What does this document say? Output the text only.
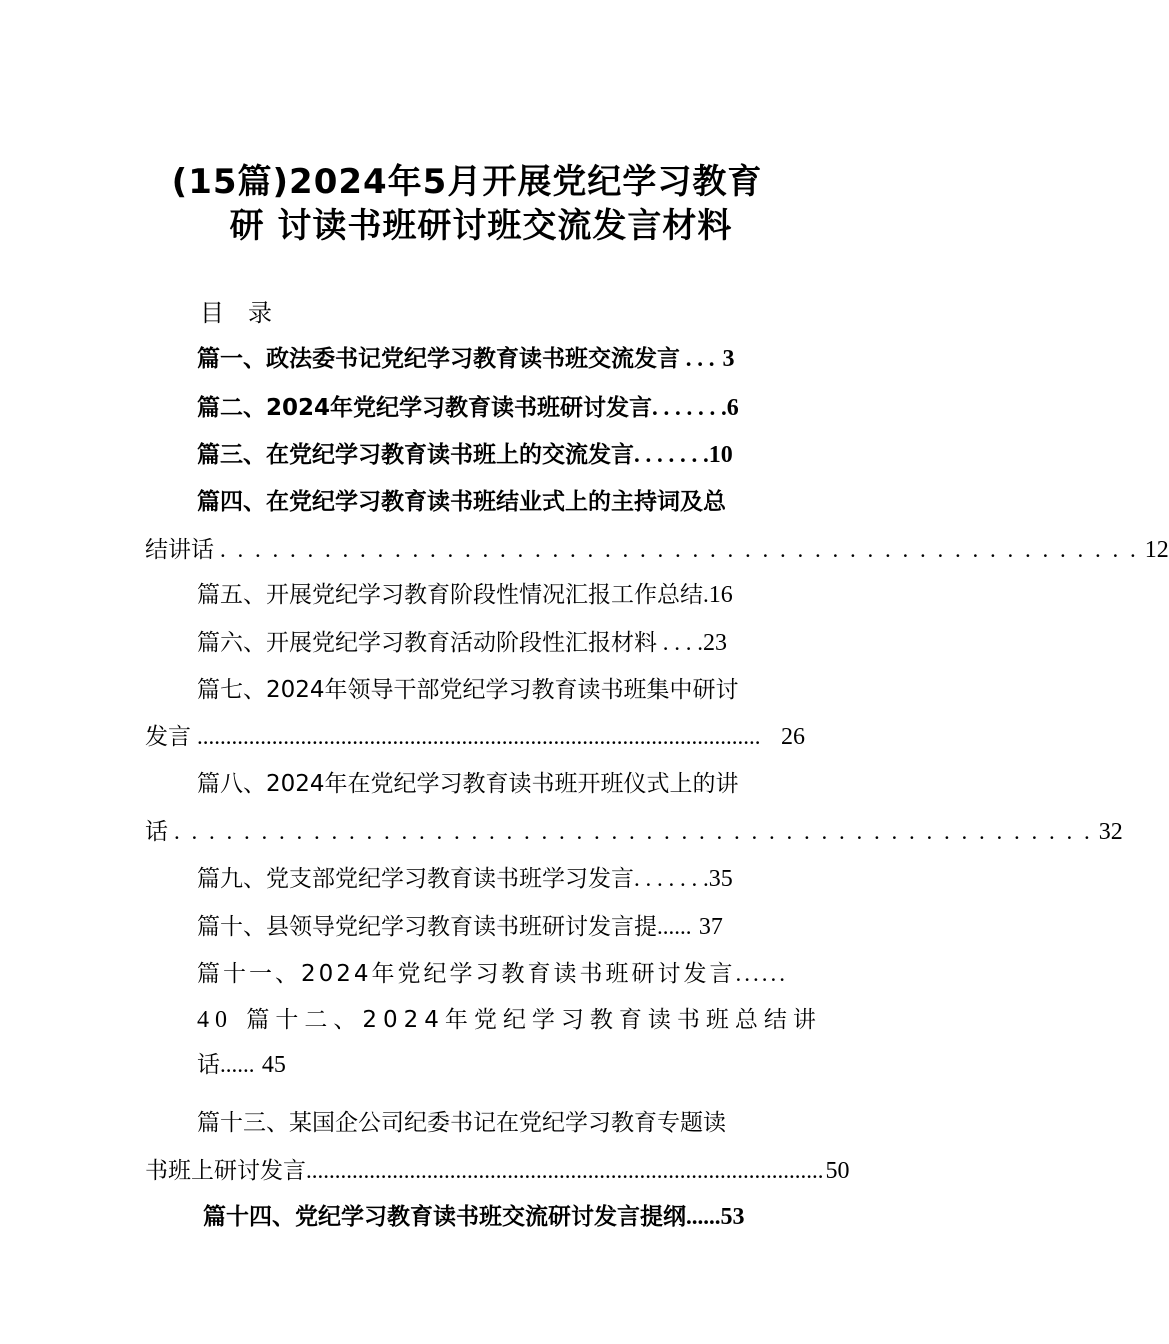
(15篇)2024年5月开展党纪学习教育
研 讨读书班研讨班交流发言材料
目 录
篇一、政法委书记党纪学习教育读书班交流发言 . . . 3
篇二、2024年党纪学习教育读书班研讨发言. . . . . . .6
篇三、在党纪学习教育读书班上的交流发言. . . . . . .10
篇四、在党纪学习教育读书班结业式上的主持词及总
结讲话 . . . . . . . . . . . . . . . . . . . . . . . . . . . . . . . . . . . . . . . . . . . . . . . . . . . . . 12
篇五、开展党纪学习教育阶段性情况汇报工作总结.16
篇六、开展党纪学习教育活动阶段性汇报材料 . . . .23
篇七、2024年领导干部党纪学习教育读书班集中研讨
发言 .................................................................................................. 26
篇八、2024年在党纪学习教育读书班开班仪式上的讲
话 . . . . . . . . . . . . . . . . . . . . . . . . . . . . . . . . . . . . . . . . . . . . . . . . . . . . . 32
篇九、党支部党纪学习教育读书班学习发言. . . . . . .35
篇十、县领导党纪学习教育读书班研讨发言提...... 37
篇十一、2024年党纪学习教育读书班研讨发言......
40 篇十二、2024年党纪学习教育读书班总结讲
话...... 45
篇十三、某国企公司纪委书记在党纪学习教育专题读
书班上研讨发言 .......................................................................................... 50
篇十四、党纪学习教育读书班交流研讨发言提纲......53
